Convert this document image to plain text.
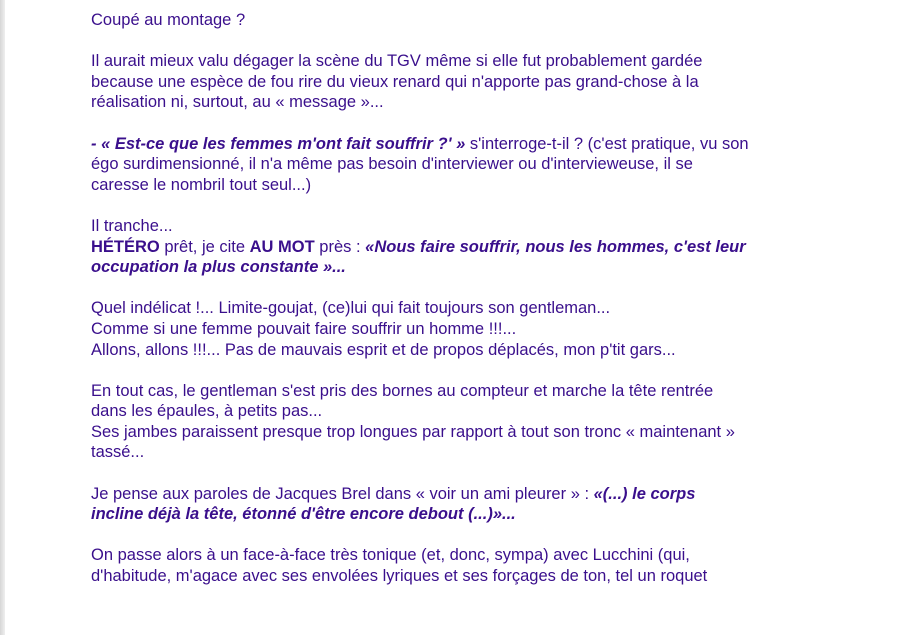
Coupé au montage ?

Il aurait mieux valu dégager la scène du TGV même si elle fut probablement gardée
because une espèce de fou rire du vieux renard qui n'apporte pas grand-chose à la
réalisation ni, surtout, au « message »...

- « Est-ce que les femmes m'ont fait souffrir ?' » s'interroge-t-il ? (c'est pratique, vu son
égo surdimensionné, il n'a même pas besoin d'interviewer ou d'intervieweuse, il se
caresse le nombril tout seul...)

Il tranche...
HÉTÉRO prêt, je cite AU MOT près : «Nous faire souffrir, nous les hommes, c'est leur
occupation la plus constante »...

Quel indélicat !... Limite-goujat, (ce)lui qui fait toujours son gentleman...
Comme si une femme pouvait faire souffrir un homme !!!...
Allons, allons !!!... Pas de mauvais esprit et de propos déplacés, mon p'tit gars...

En tout cas, le gentleman s'est pris des bornes au compteur et marche la tête rentrée
dans les épaules, à petits pas...
Ses jambes paraissent presque trop longues par rapport à tout son tronc « maintenant »
tassé...

Je pense aux paroles de Jacques Brel dans « voir un ami pleurer » : «(...) le corps
incline déjà la tête, étonné d'être encore debout (...)»...

On passe alors à un face-à-face très tonique (et, donc, sympa) avec Lucchini (qui,
d'habitude, m'agace avec ses envolées lyriques et ses forçages de ton, tel un roquet
